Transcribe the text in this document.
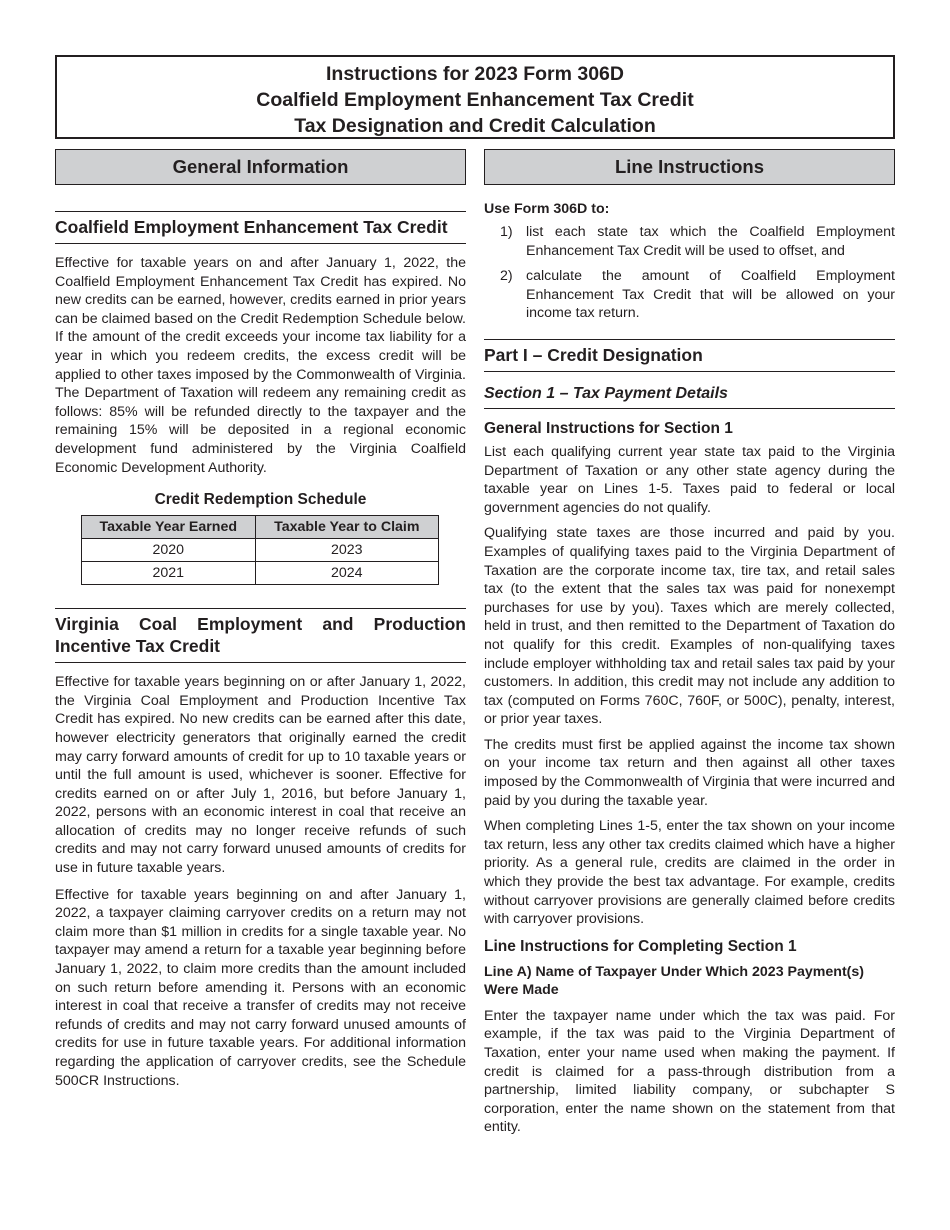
Instructions for 2023 Form 306D
Coalfield Employment Enhancement Tax Credit
Tax Designation and Credit Calculation
General Information
Coalfield Employment Enhancement Tax Credit

Effective for taxable years on and after January 1, 2022, the Coalfield Employment Enhancement Tax Credit has expired. No new credits can be earned, however, credits earned in prior years can be claimed based on the Credit Redemption Schedule below. If the amount of the credit exceeds your income tax liability for a year in which you redeem credits, the excess credit will be applied to other taxes imposed by the Commonwealth of Virginia. The Department of Taxation will redeem any remaining credit as follows: 85% will be refunded directly to the taxpayer and the remaining 15% will be deposited in a regional economic development fund administered by the Virginia Coalfield Economic Development Authority.

Credit Redemption Schedule
Taxable Year Earned	Taxable Year to Claim
2020	2023
2021	2024
Virginia Coal Employment and Production Incentive Tax Credit

Effective for taxable years beginning on or after January 1, 2022, the Virginia Coal Employment and Production Incentive Tax Credit has expired. No new credits can be earned after this date, however electricity generators that originally earned the credit may carry forward amounts of credit for up to 10 taxable years or until the full amount is used, whichever is sooner. Effective for credits earned on or after July 1, 2016, but before January 1, 2022, persons with an economic interest in coal that receive an allocation of credits may no longer receive refunds of such credits and may not carry forward unused amounts of credits for use in future taxable years.

Effective for taxable years beginning on and after January 1, 2022, a taxpayer claiming carryover credits on a return may not claim more than $1 million in credits for a single taxable year. No taxpayer may amend a return for a taxable year beginning before January 1, 2022, to claim more credits than the amount included on such return before amending it. Persons with an economic interest in coal that receive a transfer of credits may not receive refunds of credits and may not carry forward unused amounts of credits for use in future taxable years. For additional information regarding the application of carryover credits, see the Schedule 500CR Instructions.

Line Instructions
Use Form 306D to:
1) list each state tax which the Coalfield Employment Enhancement Tax Credit will be used to offset, and
2) calculate the amount of Coalfield Employment Enhancement Tax Credit that will be allowed on your income tax return.
Part I – Credit Designation
Section 1 – Tax Payment Details
General Instructions for Section 1

List each qualifying current year state tax paid to the Virginia Department of Taxation or any other state agency during the taxable year on Lines 1-5. Taxes paid to federal or local government agencies do not qualify.

Qualifying state taxes are those incurred and paid by you. Examples of qualifying taxes paid to the Virginia Department of Taxation are the corporate income tax, tire tax, and retail sales tax (to the extent that the sales tax was paid for nonexempt purchases for use by you). Taxes which are merely collected, held in trust, and then remitted to the Department of Taxation do not qualify for this credit. Examples of non-qualifying taxes include employer withholding tax and retail sales tax paid by your customers. In addition, this credit may not include any addition to tax (computed on Forms 760C, 760F, or 500C), penalty, interest, or prior year taxes.

The credits must first be applied against the income tax shown on your income tax return and then against all other taxes imposed by the Commonwealth of Virginia that were incurred and paid by you during the taxable year.

When completing Lines 1-5, enter the tax shown on your income tax return, less any other tax credits claimed which have a higher priority. As a general rule, credits are claimed in the order in which they provide the best tax advantage. For example, credits without carryover provisions are generally claimed before credits with carryover provisions.

Line Instructions for Completing Section 1
Line A) Name of Taxpayer Under Which 2023 Payment(s) Were Made

Enter the taxpayer name under which the tax was paid. For example, if the tax was paid to the Virginia Department of Taxation, enter your name used when making the payment. If credit is claimed for a pass-through distribution from a partnership, limited liability company, or subchapter S corporation, enter the name shown on the statement from that entity.
